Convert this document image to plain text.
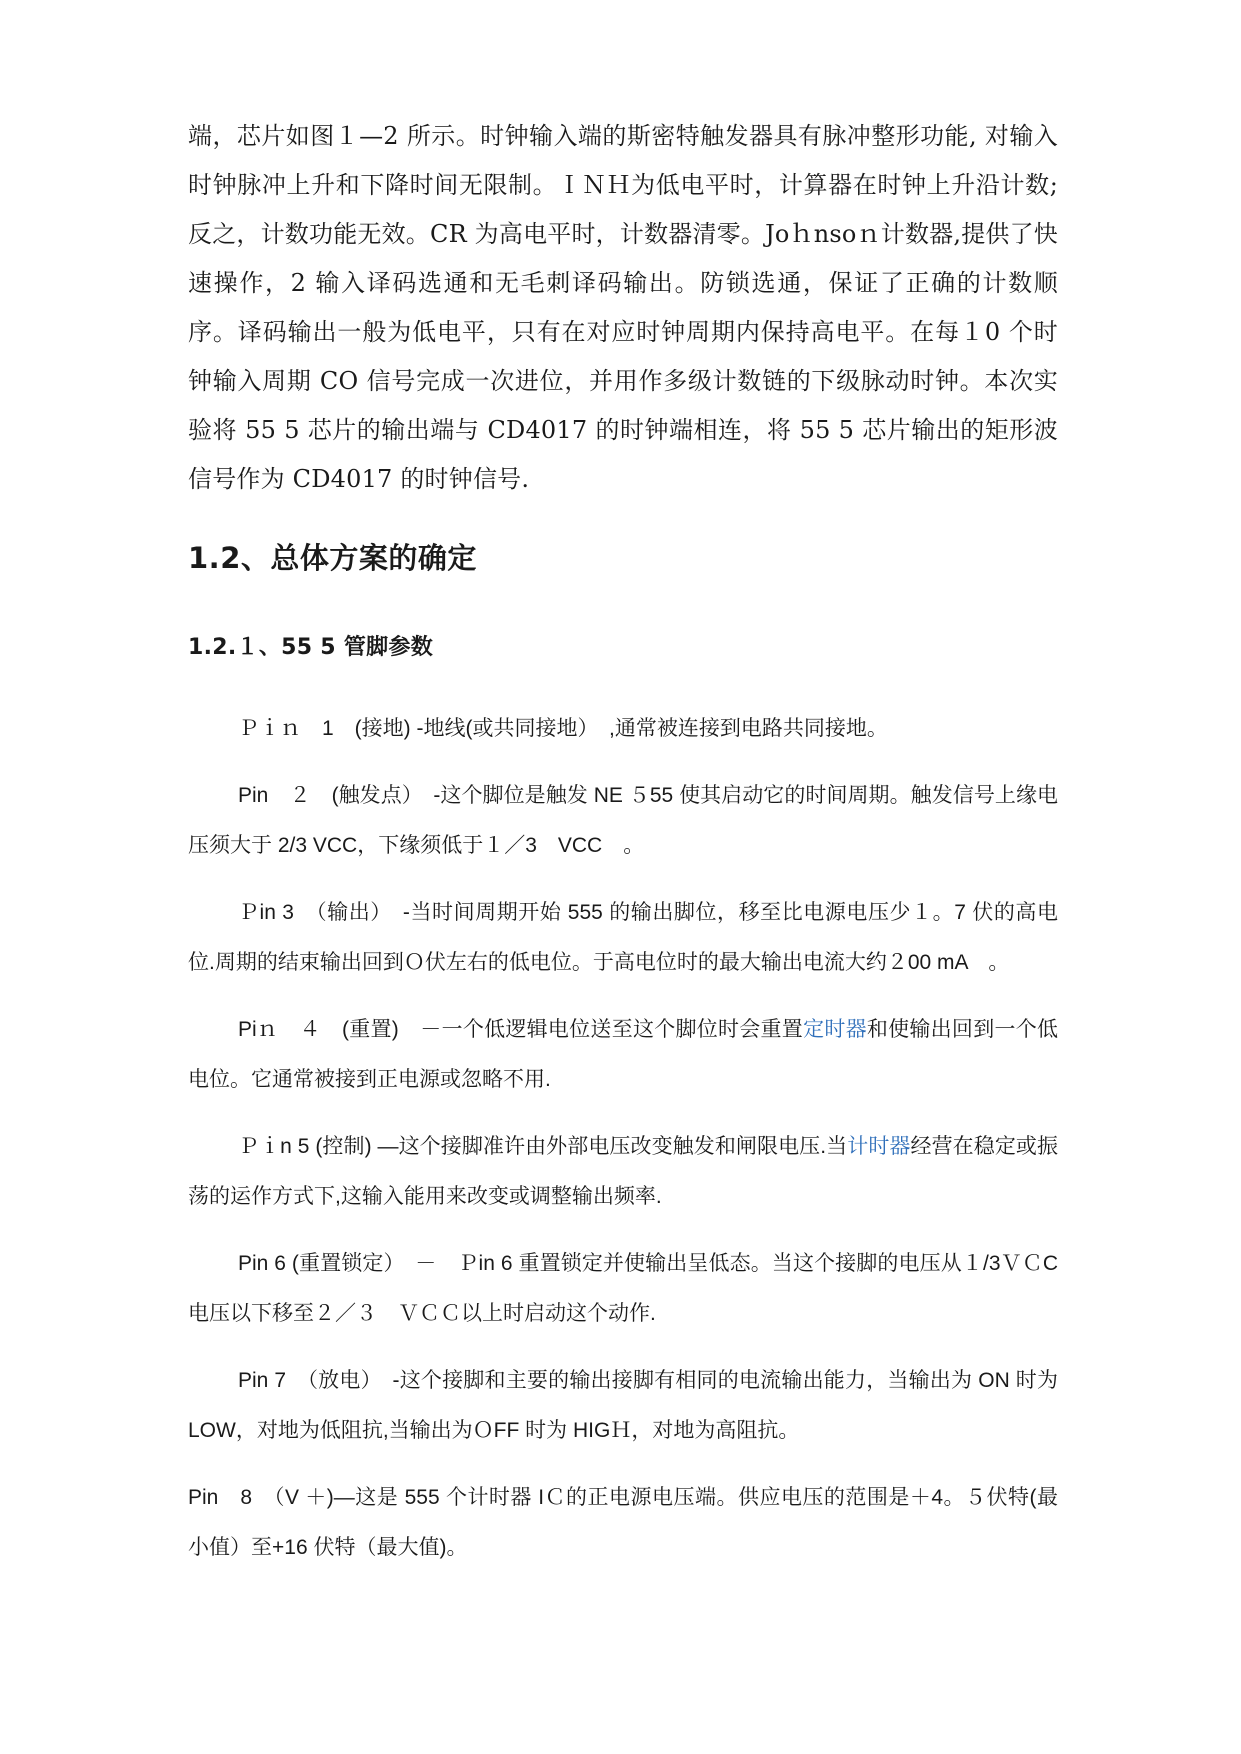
端，芯片如图１—2 所示。时钟输入端的斯密特触发器具有脉冲整形功能, 对输入时钟脉冲上升和下降时间无限制。ＩＮＨ为低电平时，计算器在时钟上升沿计数;反之，计数功能无效。CR 为高电平时，计数器清零。Joｈnsoｎ计数器,提供了快速操作，2 输入译码选通和无毛刺译码输出。防锁选通，保证了正确的计数顺序。译码输出一般为低电平，只有在对应时钟周期内保持高电平。在每１0 个时钟输入周期 CO 信号完成一次进位，并用作多级计数链的下级脉动时钟。本次实验将 55 5 芯片的输出端与 CD4017 的时钟端相连，将 55 5 芯片输出的矩形波信号作为 CD4017 的时钟信号.

1.2、总体方案的确定
1.2.１、55 5 管脚参数

Ｐｉｎ　1　(接地) -地线(或共同接地）　,通常被连接到电路共同接地。

Pin　２　(触发点）　-这个脚位是触发 NE ５55 使其启动它的时间周期。触发信号上缘电压须大于 2/3 VCC，下缘须低于１／3　VCC　。

Ｐin 3　（输出）　-当时间周期开始 555 的输出脚位，移至比电源电压少１。7 伏的高电位.周期的结束输出回到Ｏ伏左右的低电位。于高电位时的最大输出电流大约２00 mA　。

Piｎ　４　(重置)　－一个低逻辑电位送至这个脚位时会重置定时器和使输出回到一个低电位。它通常被接到正电源或忽略不用.

Ｐｉn 5 (控制) —这个接脚准许由外部电压改变触发和闸限电压.当计时器经营在稳定或振荡的运作方式下,这输入能用来改变或调整输出频率.

Pin 6 (重置锁定）　－　Ｐin 6 重置锁定并使输出呈低态。当这个接脚的电压从１/3ＶＣC 电压以下移至２／３　ＶＣＣ以上时启动这个动作.

Pin 7　（放电）　-这个接脚和主要的输出接脚有相同的电流输出能力，当输出为 ON 时为 LOW，对地为低阻抗,当输出为ＯFF 时为 HIGＨ，对地为高阻抗。

Pin　8　（V ＋)—这是 555 个计时器 IＣ的正电源电压端。供应电压的范围是＋4。５伏特(最小值）至+16 伏特（最大值)。
